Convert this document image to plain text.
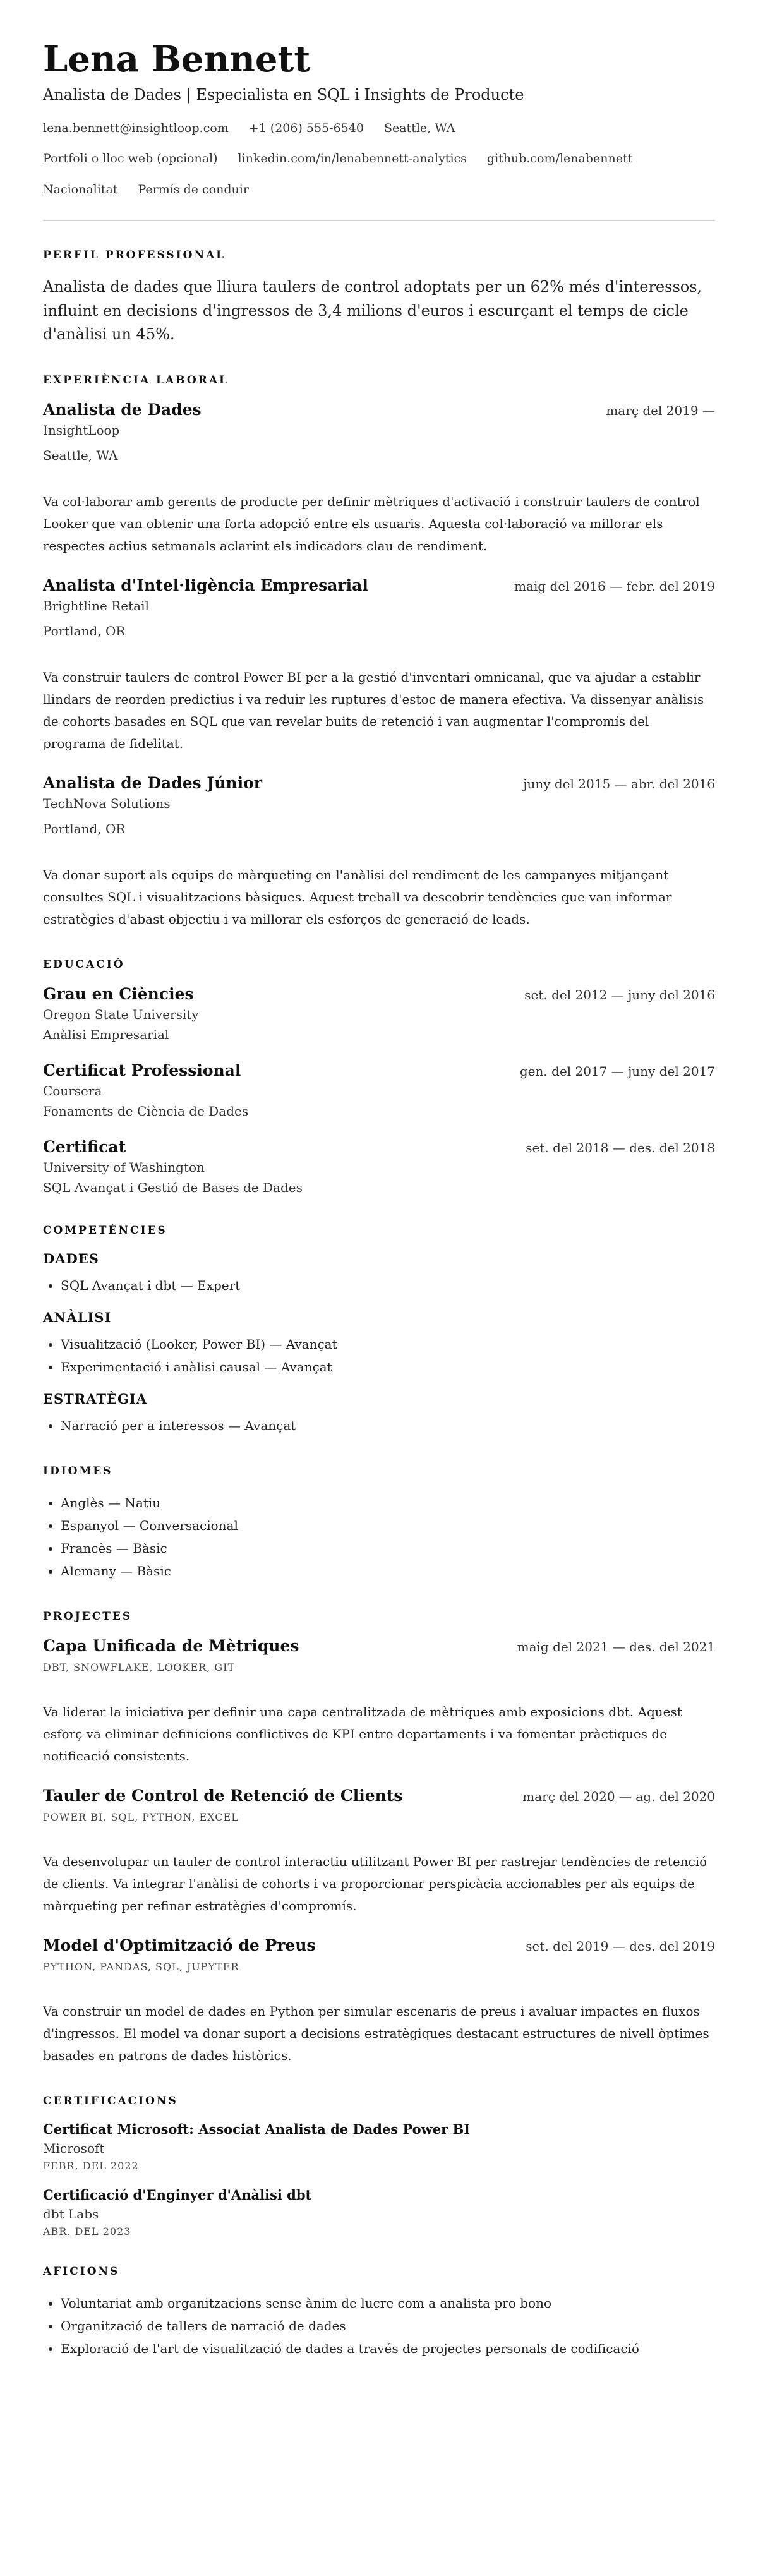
Lena Bennett
Analista de Dades | Especialista en SQL i Insights de Producte
lena.bennett@insightloop.com +1 (206) 555-6540 Seattle, WA
Portfoli o lloc web (opcional) linkedin.com/in/lenabennett-analytics github.com/lenabennett
Nacionalitat Permís de conduir
PERFIL PROFESSIONAL

Analista de dades que lliura taulers de control adoptats per un 62% més d'interessos, influint en decisions d'ingressos de 3,4 milions d'euros i escurçant el temps de cicle d'anàlisi un 45%.

EXPERIÈNCIA LABORAL
Analista de Dades	març del 2019 —
InsightLoop
Seattle, WA

Va col·laborar amb gerents de producte per definir mètriques d'activació i construir taulers de control Looker que van obtenir una forta adopció entre els usuaris. Aquesta col·laboració va millorar els respectes actius setmanals aclarint els indicadors clau de rendiment.

Analista d'Intel·ligència Empresarial	maig del 2016 — febr. del 2019
Brightline Retail
Portland, OR

Va construir taulers de control Power BI per a la gestió d'inventari omnicanal, que va ajudar a establir llindars de reorden predictius i va reduir les ruptures d'estoc de manera efectiva. Va dissenyar anàlisis de cohorts basades en SQL que van revelar buits de retenció i van augmentar l'compromís del programa de fidelitat.

Analista de Dades Júnior	juny del 2015 — abr. del 2016
TechNova Solutions
Portland, OR

Va donar suport als equips de màrqueting en l'anàlisi del rendiment de les campanyes mitjançant consultes SQL i visualitzacions bàsiques. Aquest treball va descobrir tendències que van informar estratègies d'abast objectiu i va millorar els esforços de generació de leads.

EDUCACIÓ
Grau en Ciències	set. del 2012 — juny del 2016
Oregon State University
Anàlisi Empresarial
Certificat Professional	gen. del 2017 — juny del 2017
Coursera
Fonaments de Ciència de Dades
Certificat	set. del 2018 — des. del 2018
University of Washington
SQL Avançat i Gestió de Bases de Dades
COMPETÈNCIES
DADES
• SQL Avançat i dbt — Expert
ANÀLISI
• Visualització (Looker, Power BI) — Avançat
• Experimentació i anàlisi causal — Avançat
ESTRATÈGIA
• Narració per a interessos — Avançat
IDIOMES
• Anglès — Natiu
• Espanyol — Conversacional
• Francès — Bàsic
• Alemany — Bàsic
PROJECTES
Capa Unificada de Mètriques	maig del 2021 — des. del 2021
DBT, SNOWFLAKE, LOOKER, GIT

Va liderar la iniciativa per definir una capa centralitzada de mètriques amb exposicions dbt. Aquest esforç va eliminar definicions conflictives de KPI entre departaments i va fomentar pràctiques de notificació consistents.

Tauler de Control de Retenció de Clients	març del 2020 — ag. del 2020
POWER BI, SQL, PYTHON, EXCEL

Va desenvolupar un tauler de control interactiu utilitzant Power BI per rastrejar tendències de retenció de clients. Va integrar l'anàlisi de cohorts i va proporcionar perspicàcia accionables per als equips de màrqueting per refinar estratègies d'compromís.

Model d'Optimització de Preus	set. del 2019 — des. del 2019
PYTHON, PANDAS, SQL, JUPYTER

Va construir un model de dades en Python per simular escenaris de preus i avaluar impactes en fluxos d'ingressos. El model va donar suport a decisions estratègiques destacant estructures de nivell òptimes basades en patrons de dades històrics.

CERTIFICACIONS
Certificat Microsoft: Associat Analista de Dades Power BI
Microsoft
FEBR. DEL 2022
Certificació d'Enginyer d'Anàlisi dbt
dbt Labs
ABR. DEL 2023
AFICIONS
• Voluntariat amb organitzacions sense ànim de lucre com a analista pro bono
• Organització de tallers de narració de dades
• Exploració de l'art de visualització de dades a través de projectes personals de codificació
